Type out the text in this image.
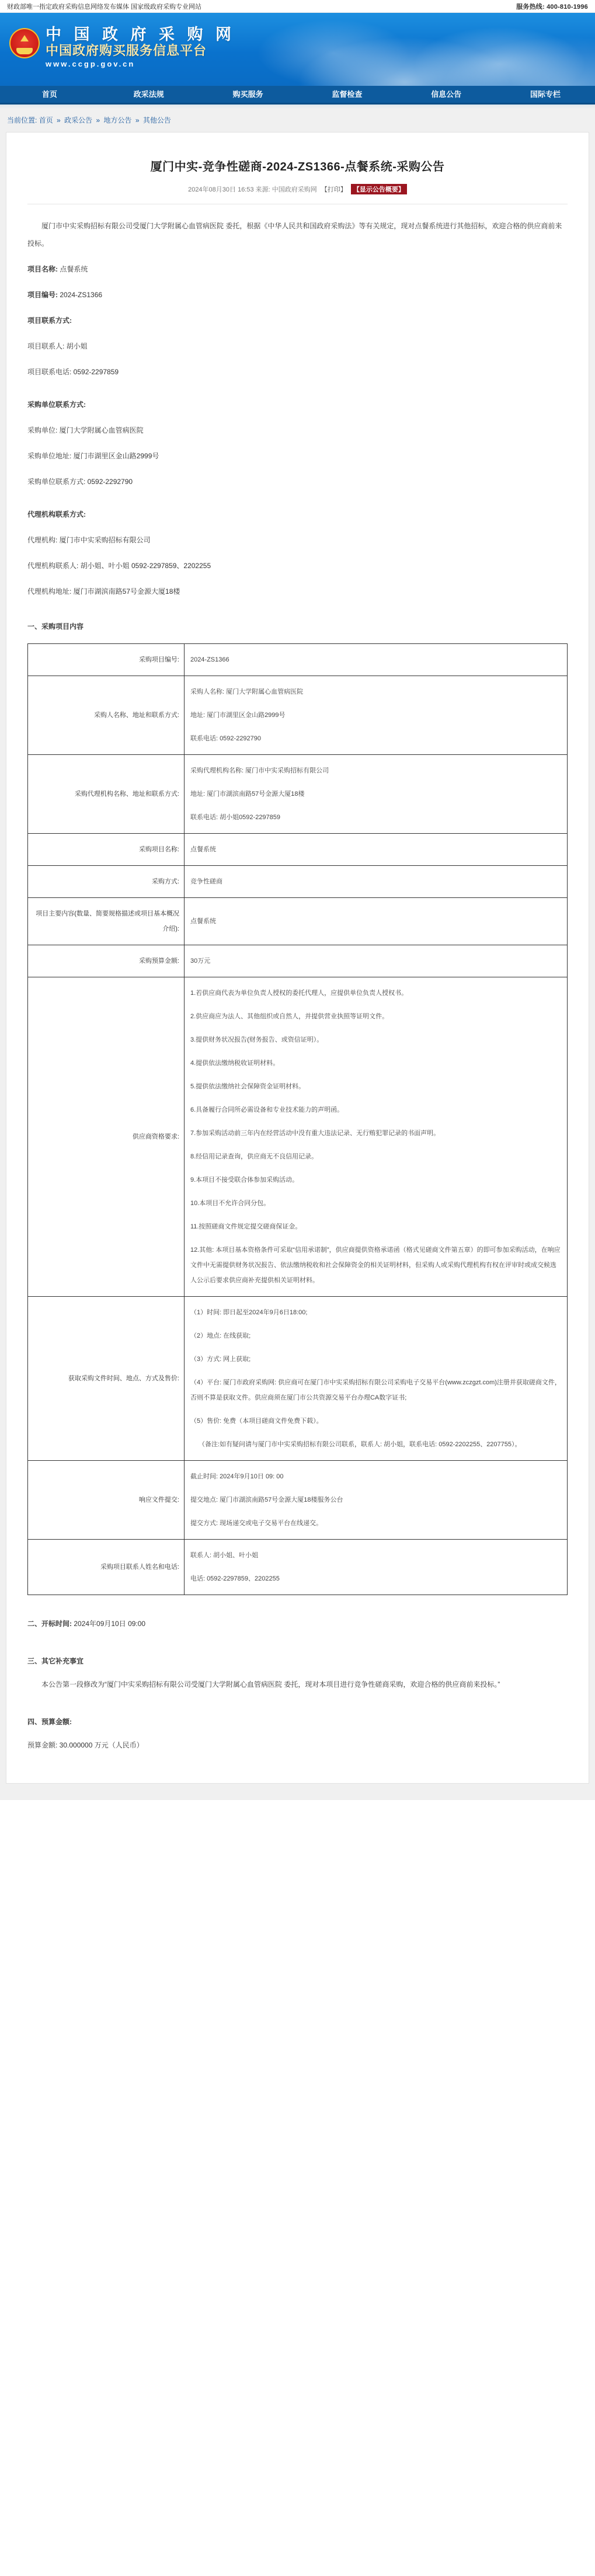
财政部唯一指定政府采购信息网络发布媒体 国家级政府采购专业网站	服务热线: 400-810-1996
中 国 政 府 采 购 网
中国政府购买服务信息平台
www.ccgp.gov.cn
首页	政采法规	购买服务	监督检查	信息公告	国际专栏
当前位置: 首页 » 政采公告 » 地方公告 » 其他公告
厦门中实-竞争性磋商-2024-ZS1366-点餐系统-采购公告
2024年08月30日 16:53 来源: 中国政府采购网 【打印】 【显示公告概要】

厦门市中实采购招标有限公司受厦门大学附属心血管病医院 委托，根据《中华人民共和国政府采购法》等有关规定，现对点餐系统进行其他招标，欢迎合格的供应商前来投标。

项目名称: 点餐系统

项目编号: 2024-ZS1366

项目联系方式:

项目联系人: 胡小姐

项目联系电话: 0592-2297859

采购单位联系方式:

采购单位: 厦门大学附属心血管病医院

采购单位地址: 厦门市湖里区金山路2999号

采购单位联系方式: 0592-2292790

代理机构联系方式:

代理机构: 厦门市中实采购招标有限公司

代理机构联系人: 胡小姐、叶小姐 0592-2297859、2202255

代理机构地址: 厦门市湖滨南路57号金源大厦18楼

一、采购项目内容
采购项目编号:	2024-ZS1366

采购人名称、地址和联系方式:	采购人名称: 厦门大学附属心血管病医院
地址: 厦门市湖里区金山路2999号
联系电话: 0592-2292790

采购代理机构名称、地址和联系方式:	采购代理机构名称: 厦门市中实采购招标有限公司
地址: 厦门市湖滨南路57号金源大厦18楼
联系电话: 胡小姐0592-2297859

采购项目名称:	点餐系统

采购方式:	竞争性磋商

项目主要内容(数量、简要规格描述或项目基本概况介绍):	点餐系统

采购预算金额:	30万元

供应商资格要求:	
1.若供应商代表为单位负责人授权的委托代理人，应提供单位负责人授权书。
2.供应商应为法人、其他组织或自然人，并提供营业执照等证明文件。
3.提供财务状况报告(财务报告、或资信证明）。
4.提供依法缴纳税收证明材料。
5.提供依法缴纳社会保障资金证明材料。
6.具备履行合同所必需设备和专业技术能力的声明函。
7.参加采购活动前三年内在经营活动中没有重大违法记录、无行贿犯罪记录的书面声明。
8.经信用记录查询，供应商无不良信用记录。
9.本项目不接受联合体参加采购活动。
10.本项目不允许合同分包。
11.按照磋商文件规定提交磋商保证金。
12.其他: 本项目基本资格条件可采取“信用承诺制”，供应商提供资格承诺函（格式见磋商文件第五章）的即可参加采购活动，在响应文件中无需提供财务状况报告、依法缴纳税收和社会保障资金的相关证明材料，但采购人或采购代理机构有权在评审时或成交候选人公示后要求供应商补充提供相关证明材料。

获取采购文件时间、地点、方式及售价:	
（1）时间: 即日起至2024年9月6日18:00;
（2）地点: 在线获取;
（3）方式: 网上获取;
（4）平台: 厦门市政府采购网: 供应商可在厦门市中实采购招标有限公司采购电子交易平台(www.zczgzt.com)注册并获取磋商文件，否则不算是获取文件。供应商须在厦门市公共资源交易平台办理CA数字证书;
（5）售价: 免费（本项目磋商文件免费下载）。
（备注:如有疑问请与厦门市中实采购招标有限公司联系，联系人: 胡小姐，联系电话: 0592-2202255、2207755）。

响应文件提交:	截止时间: 2024年9月10日 09: 00
提交地点: 厦门市湖滨南路57号金源大厦18楼服务公台
提交方式: 现场递交或电子交易平台在线递交。

采购项目联系人姓名和电话:	联系人: 胡小姐、叶小姐
电话: 0592-2297859、2202255

二、开标时间: 2024年09月10日 09:00

三、其它补充事宜

本公告第一段修改为“厦门中实采购招标有限公司受厦门大学附属心血管病医院 委托，现对本项目进行竞争性磋商采购，欢迎合格的供应商前来投标。”

四、预算金额:

预算金额: 30.000000 万元（人民币）
